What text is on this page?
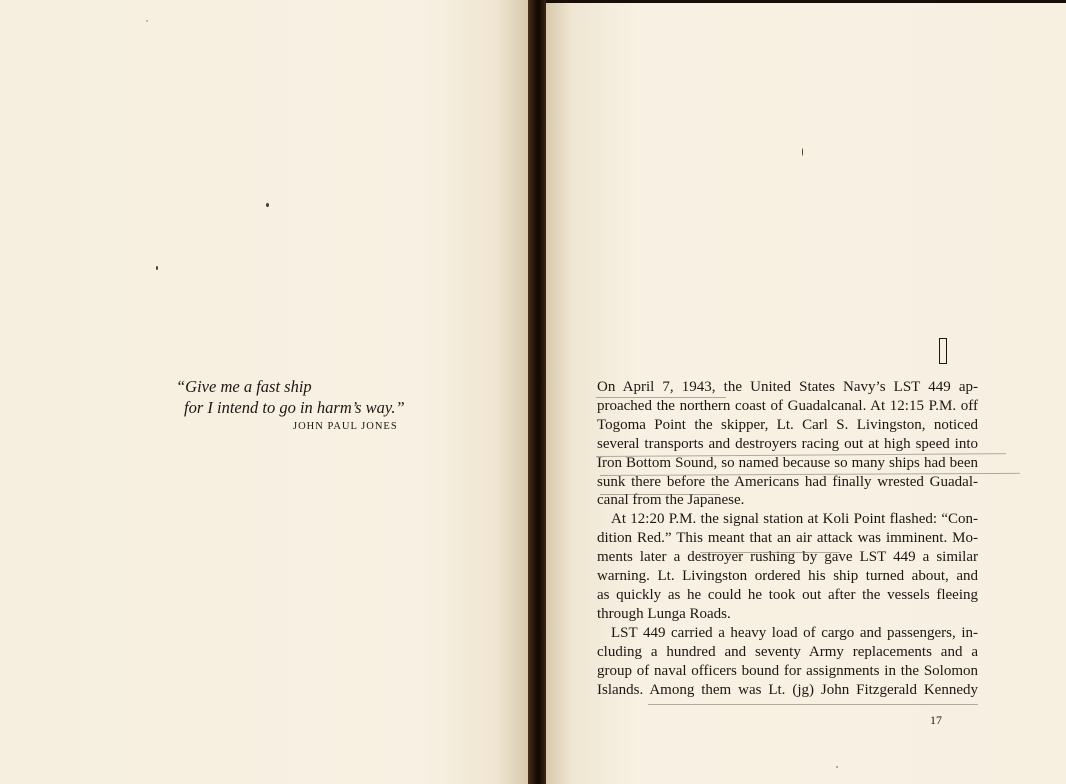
“Give me a fast ship
for I intend to go in harm’s way.”
JOHN PAUL JONES

On April 7, 1943, the United States Navy’s LST 449 ap-
proached the northern coast of Guadalcanal. At 12:15 P.M. off
Togoma Point the skipper, Lt. Carl S. Livingston, noticed
several transports and destroyers racing out at high speed into
Iron Bottom Sound, so named because so many ships had been
sunk there before the Americans had finally wrested Guadal-
canal from the Japanese.

At 12:20 P.M. the signal station at Koli Point flashed: “Con-
dition Red.” This meant that an air attack was imminent. Mo-
ments later a destroyer rushing by gave LST 449 a similar
warning. Lt. Livingston ordered his ship turned about, and
as quickly as he could he took out after the vessels fleeing
through Lunga Roads.

LST 449 carried a heavy load of cargo and passengers, in-
cluding a hundred and seventy Army replacements and a
group of naval officers bound for assignments in the Solomon
Islands. Among them was Lt. (jg) John Fitzgerald Kennedy

17
